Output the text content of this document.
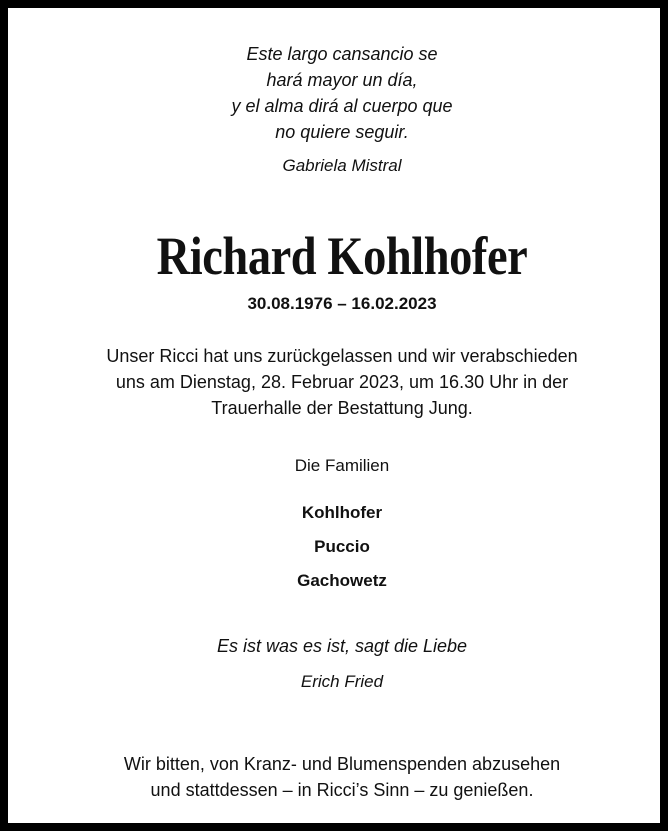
Este largo cansancio se
hará mayor un día,
y el alma dirá al cuerpo que
no quiere seguir.
Gabriela Mistral
Richard Kohlhofer
30.08.1976 – 16.02.2023
Unser Ricci hat uns zurückgelassen und wir verabschieden
uns am Dienstag, 28. Februar 2023, um 16.30 Uhr in der
Trauerhalle der Bestattung Jung.
Die Familien
Kohlhofer
Puccio
Gachowetz
Es ist was es ist, sagt die Liebe
Erich Fried
Wir bitten, von Kranz- und Blumenspenden abzusehen
und stattdessen – in Ricci’s Sinn – zu genießen.
